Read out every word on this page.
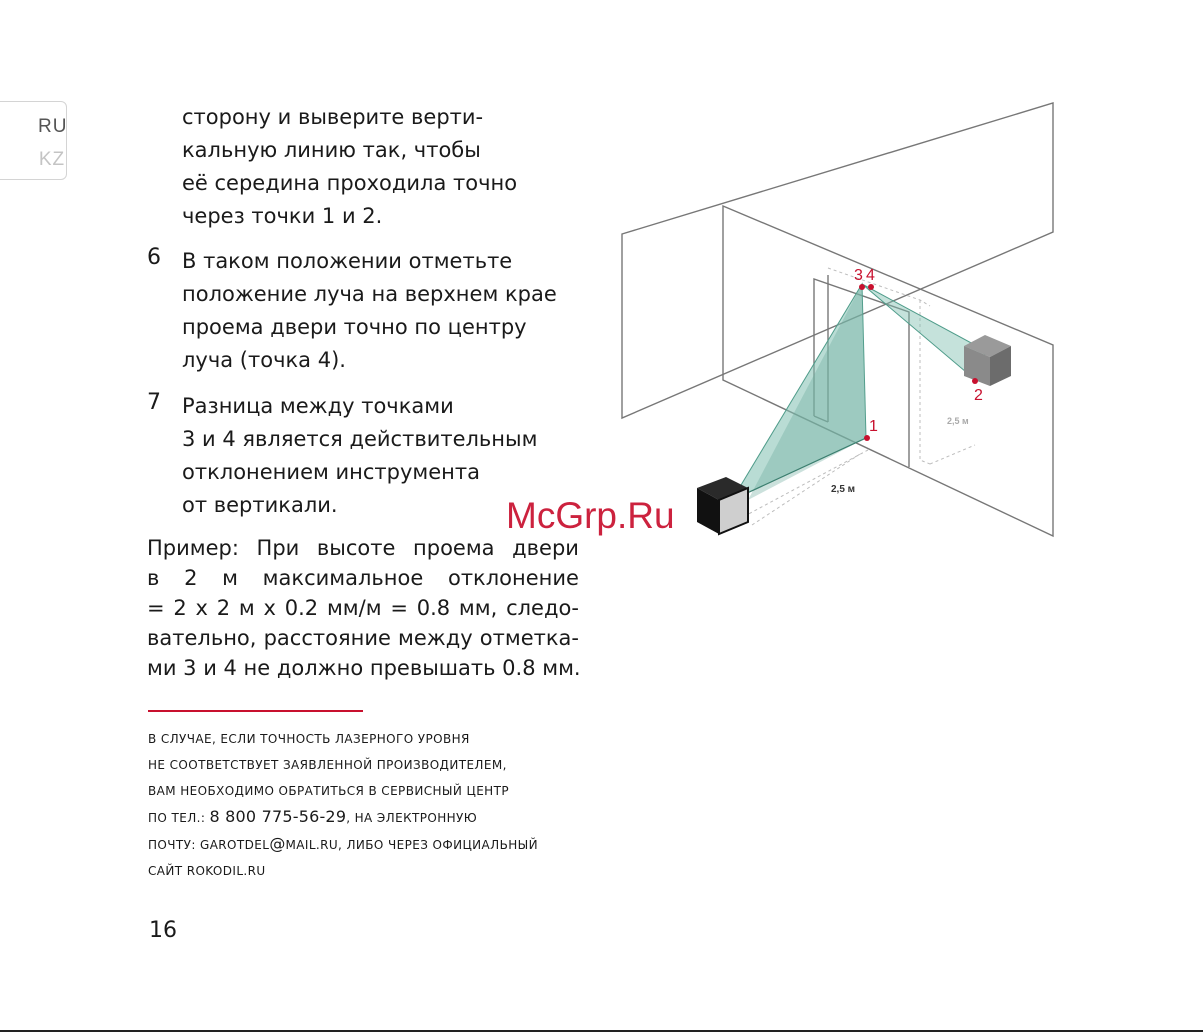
RU
KZ
сторону и выверите верти-
кальную линию так, чтобы
её середина проходила точно
через точки 1 и 2.
6 В таком положении отметьте
положение луча на верхнем крае
проема двери точно по центру
луча (точка 4).
7 Разница между точками
3 и 4 является действительным
отклонением инструмента
от вертикали.
Пример: При высоте проема двери
в 2 м максимальное отклонение
= 2 x 2 м x 0.2 мм/м = 0.8 мм, следо-
вательно, расстояние между отметка-
ми 3 и 4 не должно превышать 0.8 мм.
В СЛУЧАЕ, ЕСЛИ ТОЧНОСТЬ ЛАЗЕРНОГО УРОВНЯ
НЕ СООТВЕТСТВУЕТ ЗАЯВЛЕННОЙ ПРОИЗВОДИТЕЛЕМ,
ВАМ НЕОБХОДИМО ОБРАТИТЬСЯ В СЕРВИСНЫЙ ЦЕНТР
ПО ТЕЛ.: 8 800 775-56-29, НА ЭЛЕКТРОННУЮ
ПОЧТУ: GAROTDEL@MAIL.RU, ЛИБО ЧЕРЕЗ ОФИЦИАЛЬНЫЙ
САЙТ ROKODIL.RU
16
3 4
1
2
2,5 м
2,5 м
McGrp.Ru
